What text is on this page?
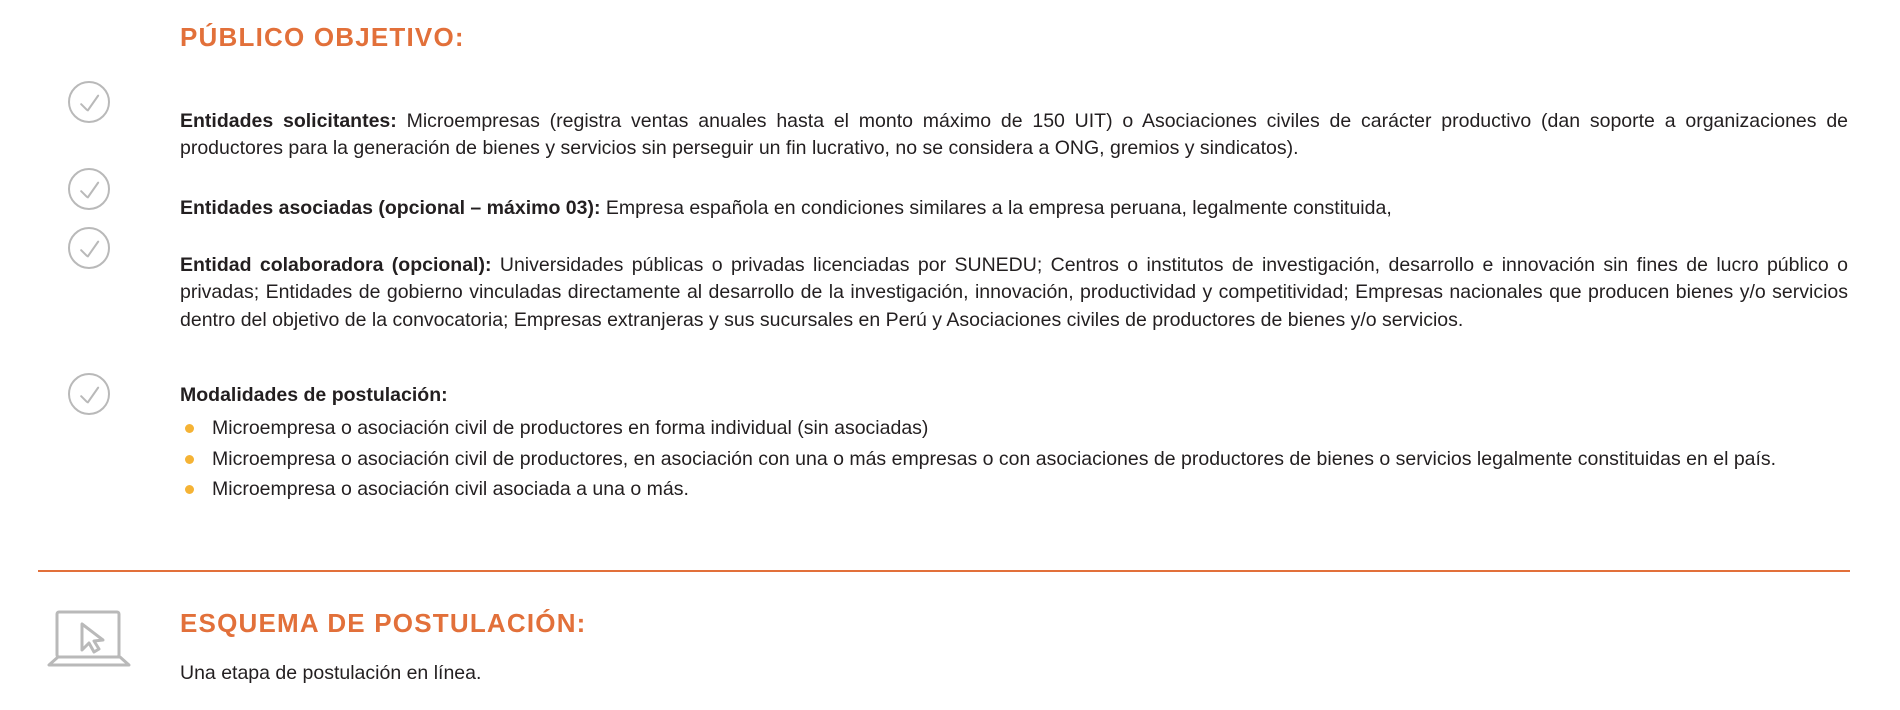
PÚBLICO OBJETIVO:

Entidades solicitantes: Microempresas (registra ventas anuales hasta el monto máximo de 150 UIT) o Asociaciones civiles de carácter productivo (dan soporte a organizaciones de productores para la generación de bienes y servicios sin perseguir un fin lucrativo, no se considera a ONG, gremios y sindicatos).

Entidades asociadas (opcional – máximo 03): Empresa española en condiciones similares a la empresa peruana, legalmente constituida,

Entidad colaboradora (opcional): Universidades públicas o privadas licenciadas por SUNEDU; Centros o institutos de investigación, desarrollo e innovación sin fines de lucro público o privadas; Entidades de gobierno vinculadas directamente al desarrollo de la investigación, innovación, productividad y competitividad; Empresas nacionales que producen bienes y/o servicios dentro del objetivo de la convocatoria; Empresas extranjeras y sus sucursales en Perú y Asociaciones civiles de productores de bienes y/o servicios.

Modalidades de postulación:
Microempresa o asociación civil de productores en forma individual (sin asociadas)
Microempresa o asociación civil de productores, en asociación con una o más empresas o con asociaciones de productores de bienes o servicios legalmente constituidas en el país.
Microempresa o asociación civil asociada a una o más.
ESQUEMA DE POSTULACIÓN:
Una etapa de postulación en línea.
